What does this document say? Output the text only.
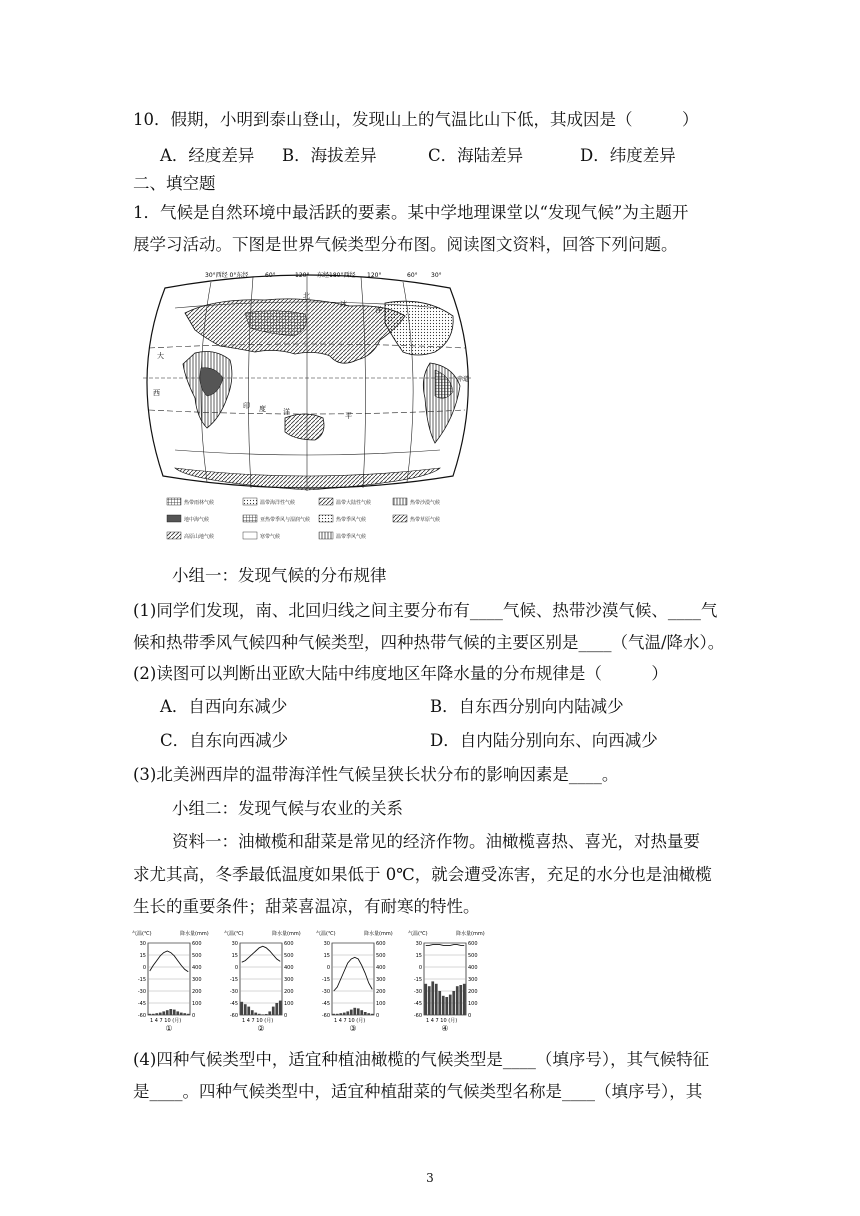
10．假期，小明到泰山登山，发现山上的气温比山下低，其成因是（　　　）
A．经度差异 B．海拔差异	C．海陆差异	D．纬度差异
二、填空题
1．气候是自然环境中最活跃的要素。某中学地理课堂以“发现气候”为主题开
展学习活动。下图是世界气候类型分布图。阅读图文资料，回答下列问题。
30°西经 0°东经	60°	120° 东经180°西经 120°	60° 30°
北
冰
洋
赤道
西
印 度 洋	平
大
热带雨林气候	温带海洋性气候	温带大陆性气候	热带沙漠气候
地中海气候	亚热带季风与湿润气候	热带季风气候	热带草原气候
高原山地气候	寒带气候	温带季风气候
小组一：发现气候的分布规律
(1)同学们发现，南、北回归线之间主要分布有____气候、热带沙漠气候、____气
候和热带季风气候四种气候类型，四种热带气候的主要区别是____（气温/降水）。
(2)读图可以判断出亚欧大陆中纬度地区年降水量的分布规律是（　　　）
A．自西向东减少	B．自东西分别向内陆减少
C．自东向西减少	D．自内陆分别向东、向西减少
(3)北美洲西岸的温带海洋性气候呈狭长状分布的影响因素是____。
小组二：发现气候与农业的关系
资料一：油橄榄和甜菜是常见的经济作物。油橄榄喜热、喜光，对热量要
求尤其高，冬季最低温度如果低于 0℃，就会遭受冻害，充足的水分也是油橄榄
生长的重要条件；甜菜喜温凉，有耐寒的特性。
气温(℃)	降水量(mm)
30	600
15	500
0	400
-15	300
-30	200
-45	100
-60	0
1 4 7 10 (月)
①
气温(℃)	降水量(mm)
30	600
15	500
0	400
-15	300
-30	200
-45	100
-60	0
1 4 7 10 (月)
②
气温(℃)	降水量(mm)
30	600
15	500
0	400
-15	300
-30	200
-45	100
-60	0
1 4 7 10 (月)
③
气温(℃)	降水量(mm)
30	600
15	500
0	400
-15	300
-30	200
-45	100
-60	0
1 4 7 10 (月)
④
(4)四种气候类型中，适宜种植油橄榄的气候类型是____（填序号），其气候特征
是____。四种气候类型中，适宜种植甜菜的气候类型名称是____（填序号），其
3
